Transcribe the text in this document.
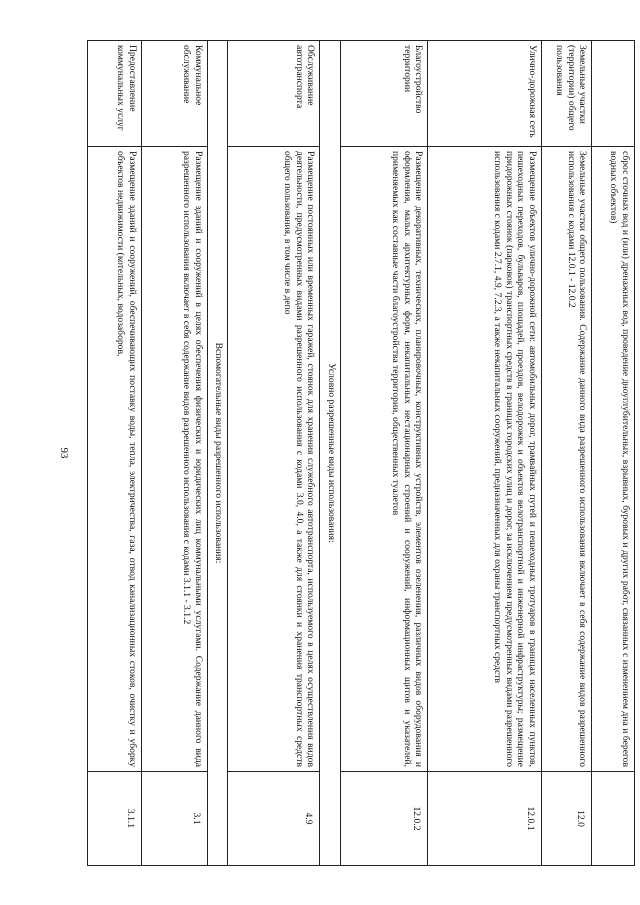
93
		сброс сточных вод и (или) дренажных вод, проведение дноуглубительных, взрывных, буровых и других работ, связанных с изменением дна и берегов водных объектов)	
Земельные участки (территории) общего пользования	Земельные участки общего пользования. Содержание данного вида разрешенного использования включает в себя содержание видов разрешенного использования с кодами 12.0.1 - 12.0.2	12.0
Улично-дорожная сеть	Размещение объектов улично-дорожной сети: автомобильных дорог, трамвайных путей и пешеходных тротуаров в границах населенных пунктов, пешеходных переходов, бульваров, площадей, проездов, велодорожек и объектов велотранспортной и инженерной инфраструктуры; размещение придорожных стоянок (парковок) транспортных средств в границах городских улиц и дорог, за исключением предусмотренных видами разрешенного использования с кодами 2.7.1, 4.9, 7.2.3, а также некапитальных сооружений, предназначенных для охраны транспортных средств	12.0.1
Благоустройство территории	Размещение декоративных, технических, планировочных, конструктивных устройств, элементов озеленения, различных видов оборудования и оформления, малых архитектурных форм, некапитальных нестационарных строений и сооружений, информационных щитов и указателей, применяемых как составные части благоустройства территории, общественных туалетов	12.0.2
Условно разрешенные виды использования:		
Обслуживание автотранспорта	Размещение постоянных или временных гаражей, стоянок для хранения служебного автотранспорта, используемого в целях осуществления видов деятельности, предусмотренных видами разрешенного использования с кодами 3.0, 4.0, а также для стоянки и хранения транспортных средств общего пользования, в том числе в депо	4.9
Вспомогательные виды разрешенного использования:		
Коммунальное обслуживание	Размещение зданий и сооружений в целях обеспечения физических и юридических лиц коммунальными услугами. Содержание данного вида разрешенного использования включает в себя содержание видов разрешенного использования с кодами 3.1.1 - 3.1.2	3.1
Предоставление коммунальных услуг	Размещение зданий и сооружений, обеспечивающих поставку воды, тепла, электричества, газа, отвод канализационных стоков, очистку и уборку объектов недвижимости (котельных, водозаборов,	3.1.1
